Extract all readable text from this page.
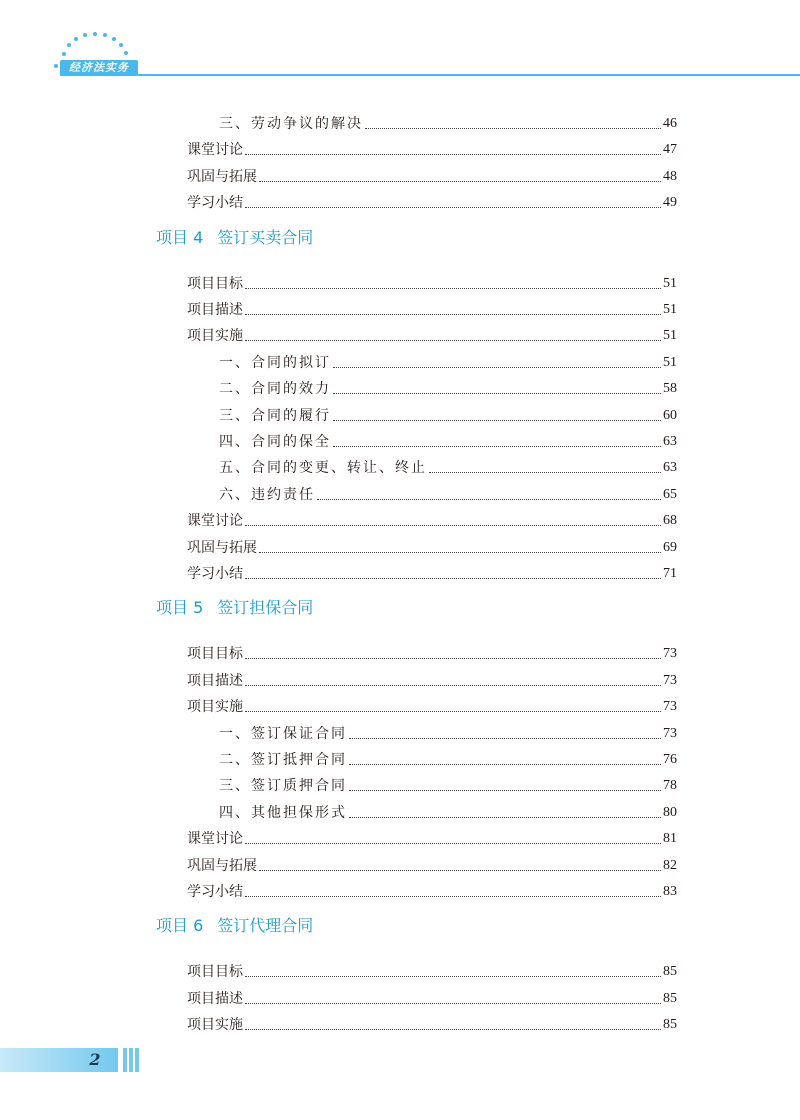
经济法实务
三、劳动争议的解决	46
课堂讨论	47
巩固与拓展	48
学习小结	49
项目 4 签订买卖合同
项目目标	51
项目描述	51
项目实施	51
一、合同的拟订	51
二、合同的效力	58
三、合同的履行	60
四、合同的保全	63
五、合同的变更、转让、终止	63
六、违约责任	65
课堂讨论	68
巩固与拓展	69
学习小结	71
项目 5 签订担保合同
项目目标	73
项目描述	73
项目实施	73
一、签订保证合同	73
二、签订抵押合同	76
三、签订质押合同	78
四、其他担保形式	80
课堂讨论	81
巩固与拓展	82
学习小结	83
项目 6 签订代理合同
项目目标	85
项目描述	85
项目实施	85
2
